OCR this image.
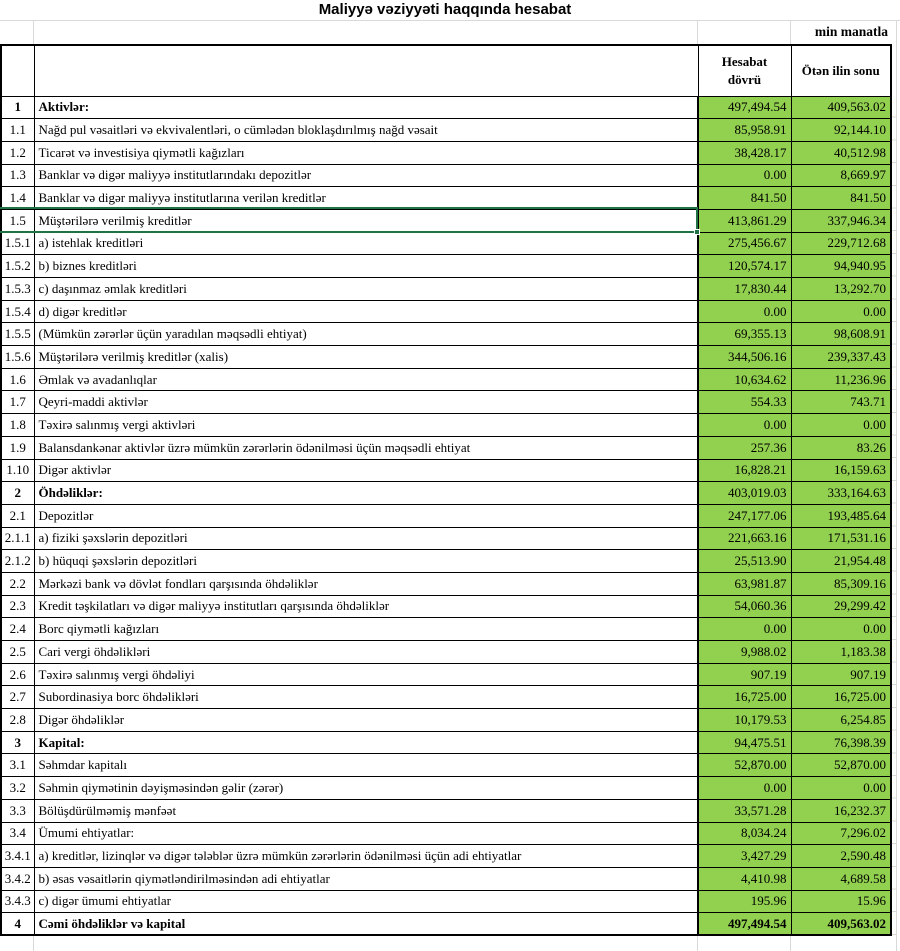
Maliyyə vəziyyəti haqqında hesabat
min manatla
		Hesabat dövrü	Ötən ilin sonu
1	Aktivlər:	497,494.54	409,563.02
1.1	Nağd pul vəsaitləri və ekvivalentləri, o cümlədən bloklaşdırılmış nağd vəsait	85,958.91	92,144.10
1.2	Ticarət və investisiya qiymətli kağızları	38,428.17	40,512.98
1.3	Banklar və digər maliyyə institutlarındakı depozitlər	0.00	8,669.97
1.4	Banklar və digər maliyyə institutlarına verilən kreditlər	841.50	841.50
1.5	Müştərilərə verilmiş kreditlər	413,861.29	337,946.34
1.5.1	a) istehlak kreditləri	275,456.67	229,712.68
1.5.2	b) biznes kreditləri	120,574.17	94,940.95
1.5.3	c) daşınmaz əmlak kreditləri	17,830.44	13,292.70
1.5.4	d) digər kreditlər	0.00	0.00
1.5.5	(Mümkün zərərlər üçün yaradılan məqsədli ehtiyat)	69,355.13	98,608.91
1.5.6	Müştərilərə verilmiş kreditlər (xalis)	344,506.16	239,337.43
1.6	Əmlak və avadanlıqlar	10,634.62	11,236.96
1.7	Qeyri-maddi aktivlər	554.33	743.71
1.8	Təxirə salınmış vergi aktivləri	0.00	0.00
1.9	Balansdankənar aktivlər üzrə mümkün zərərlərin ödənilməsi üçün məqsədli ehtiyat	257.36	83.26
1.10	Digər aktivlər	16,828.21	16,159.63
2	Öhdəliklər:	403,019.03	333,164.63
2.1	Depozitlər	247,177.06	193,485.64
2.1.1	a) fiziki şəxslərin depozitləri	221,663.16	171,531.16
2.1.2	b) hüquqi şəxslərin depozitləri	25,513.90	21,954.48
2.2	Mərkəzi bank və dövlət fondları qarşısında öhdəliklər	63,981.87	85,309.16
2.3	Kredit təşkilatları və digər maliyyə institutları qarşısında öhdəliklər	54,060.36	29,299.42
2.4	Borc qiymətli kağızları	0.00	0.00
2.5	Cari vergi öhdəlikləri	9,988.02	1,183.38
2.6	Təxirə salınmış vergi öhdəliyi	907.19	907.19
2.7	Subordinasiya borc öhdəlikləri	16,725.00	16,725.00
2.8	Digər öhdəliklər	10,179.53	6,254.85
3	Kapital:	94,475.51	76,398.39
3.1	Səhmdar kapitalı	52,870.00	52,870.00
3.2	Səhmin qiymətinin dəyişməsindən gəlir (zərər)	0.00	0.00
3.3	Bölüşdürülməmiş mənfəət	33,571.28	16,232.37
3.4	Ümumi ehtiyatlar:	8,034.24	7,296.02
3.4.1	a) kreditlər, lizinqlər və digər tələblər üzrə mümkün zərərlərin ödənilməsi üçün adi ehtiyatlar	3,427.29	2,590.48
3.4.2	b) əsas vəsaitlərin qiymətləndirilməsindən adi ehtiyatlar	4,410.98	4,689.58
3.4.3	c) digər ümumi ehtiyatlar	195.96	15.96
4	Cəmi öhdəliklər və kapital	497,494.54	409,563.02
